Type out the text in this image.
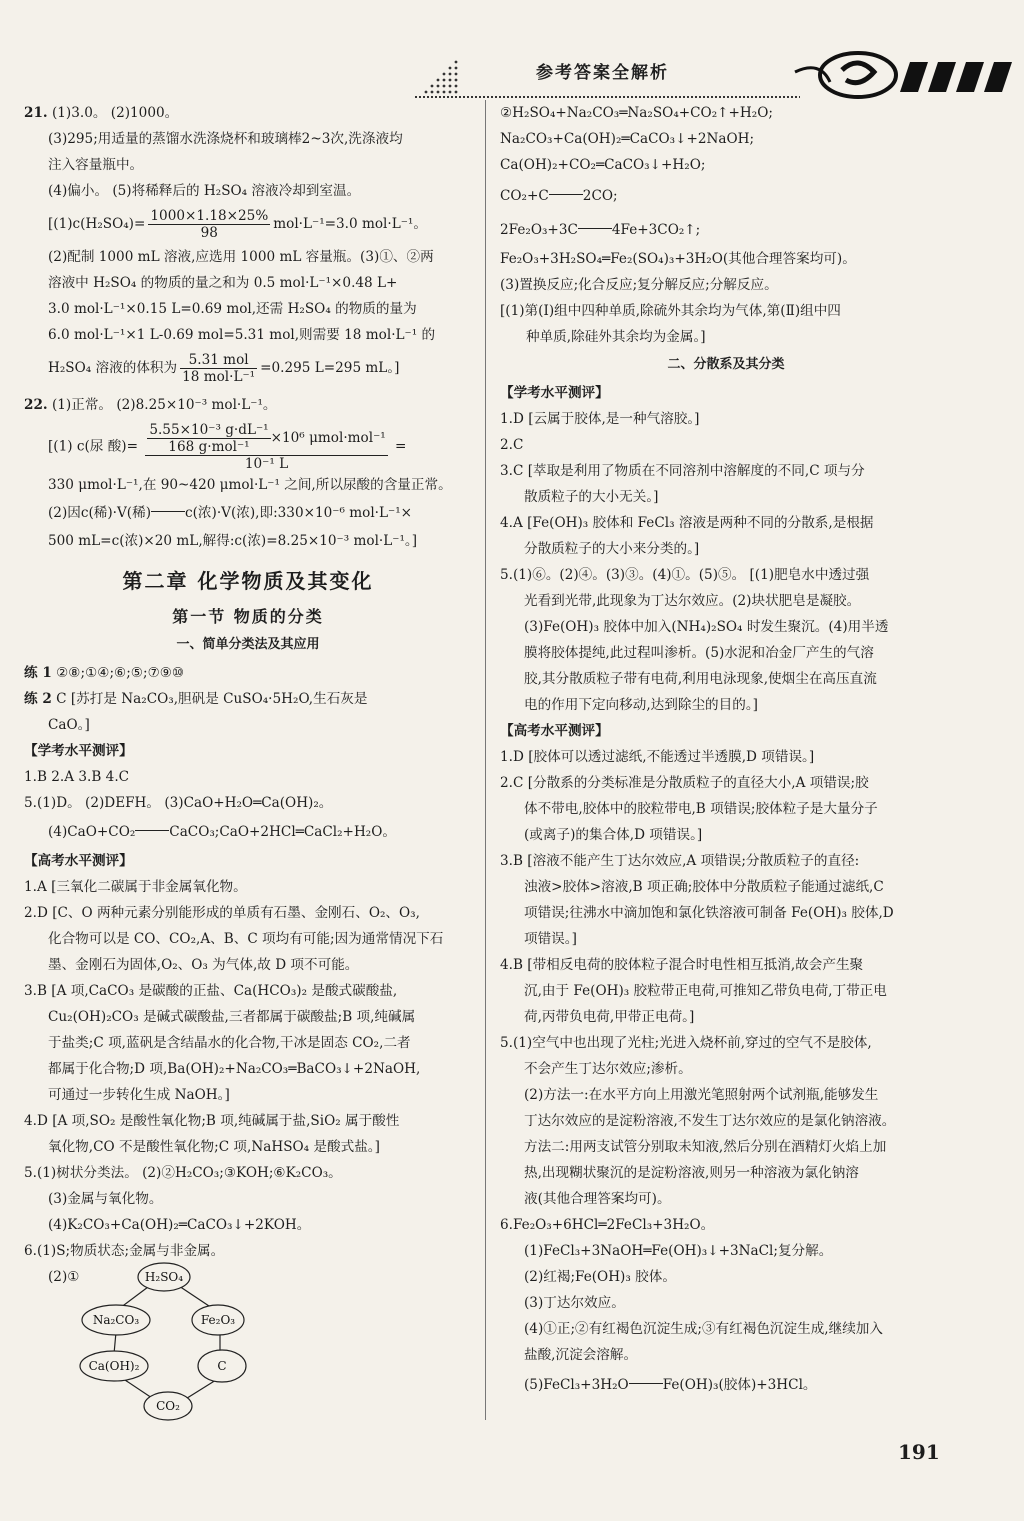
参考答案全解析
21. (1)3.0。 (2)1000。
(3)295;用适量的蒸馏水洗涤烧杯和玻璃棒2~3次,洗涤液均
注入容量瓶中。
(4)偏小。 (5)将稀释后的 H₂SO₄ 溶液冷却到室温。
[$(1)c(H_2SO_4)= \frac{1000\times 1.18\times 25\%}{98} mol\cdot L^{-1}=3.0$ mol·L⁻¹。
(2)配制 1000 mL 溶液,应选用 1000 mL 容量瓶。(3)①、②两
溶液中 H₂SO₄ 的物质的量之和为 0.5 mol·L⁻¹×0.48 L+
3.0 mol·L⁻¹×0.15 L=0.69 mol,还需 H₂SO₄ 的物质的量为
6.0 mol·L⁻¹×1 L-0.69 mol=5.31 mol,则需要 18 mol·L⁻¹ 的
H₂SO₄ 溶液的体积为 $\frac{\text{5.31 mol}}{\text{18 mol·L⁻¹}} =0.295$ L=295 mL。]
22. (1)正常。 (2)8.25×10⁻³ mol·L⁻¹。
[(1) c(尿 酸)= $\frac{\frac{\text{5.55×10⁻³ g·dL⁻¹}}{\text{168 g·mol⁻¹}} \times 10^6 \mu mol\cdot mol^{-1}}{\text{10⁻¹ L}}$ =
330 μmol·L⁻¹,在 90~420 μmol·L⁻¹ 之间,所以尿酸的含量正常。
(2)因c(稀)·V(稀)	c(浓)·V(浓),即:330×10⁻⁶ mol·L⁻¹×
500 mL=c(浓)×20 mL,解得:c(浓)=8.25×10⁻³ mol·L⁻¹。]
第二章 化学物质及其变化
第一节 物质的分类
一、简单分类法及其应用
练 1 ②⑧;①④;⑥;⑤;⑦⑨⑩
练 2 C [苏打是 Na₂CO₃,胆矾是 CuSO₄·5H₂O,生石灰是
CaO。]
【学考水平测评】
1.B 2.A 3.B 4.C
5.(1)D。 (2)DEFH。 (3)CaO+H₂O═Ca(OH)₂。
(4)CaO+CO₂	CaCO₃;CaO+2HCl═CaCl₂+H₂O。
【高考水平测评】
1.A [三氧化二碳属于非金属氧化物。
2.D [C、O 两种元素分别能形成的单质有石墨、金刚石、O₂、O₃,
化合物可以是 CO、CO₂,A、B、C 项均有可能;因为通常情况下石
墨、金刚石为固体,O₂、O₃ 为气体,故 D 项不可能。
3.B [A 项,CaCO₃ 是碳酸的正盐、Ca(HCO₃)₂ 是酸式碳酸盐,
Cu₂(OH)₂CO₃ 是碱式碳酸盐,三者都属于碳酸盐;B 项,纯碱属
于盐类;C 项,蓝矾是含结晶水的化合物,干冰是固态 CO₂,二者
都属于化合物;D 项,Ba(OH)₂+Na₂CO₃═BaCO₃↓+2NaOH,
可通过一步转化生成 NaOH。]
4.D [A 项,SO₂ 是酸性氧化物;B 项,纯碱属于盐,SiO₂ 属于酸性
氧化物,CO 不是酸性氧化物;C 项,NaHSO₄ 是酸式盐。]
5.(1)树状分类法。 (2)②H₂CO₃;③KOH;⑥K₂CO₃。
(3)金属与氧化物。
(4)K₂CO₃+Ca(OH)₂═CaCO₃↓+2KOH。
6.(1)S;物质状态;金属与非金属。
(2)①	H₂SO₄
Na₂CO₃	Fe₂O₃
Ca(OH)₂	C
CO₂
②H₂SO₄+Na₂CO₃═Na₂SO₄+CO₂↑+H₂O;
Na₂CO₃+Ca(OH)₂═CaCO₃↓+2NaOH;
Ca(OH)₂+CO₂═CaCO₃↓+H₂O;
CO₂+C	2CO;
2Fe₂O₃+3C	4Fe+3CO₂↑;
Fe₂O₃+3H₂SO₄═Fe₂(SO₄)₃+3H₂O(其他合理答案均可)。
(3)置换反应;化合反应;复分解反应;分解反应。
[(1)第(Ⅰ)组中四种单质,除硫外其余均为气体,第(Ⅱ)组中四
种单质,除硅外其余均为金属。]
二、分散系及其分类
【学考水平测评】
1.D [云属于胶体,是一种气溶胶。]
2.C
3.C [萃取是利用了物质在不同溶剂中溶解度的不同,C 项与分
散质粒子的大小无关。]
4.A [Fe(OH)₃ 胶体和 FeCl₃ 溶液是两种不同的分散系,是根据
分散质粒子的大小来分类的。]
5.(1)⑥。(2)④。(3)③。(4)①。(5)⑤。 [(1)肥皂水中透过强
光看到光带,此现象为丁达尔效应。(2)块状肥皂是凝胶。
(3)Fe(OH)₃ 胶体中加入(NH₄)₂SO₄ 时发生聚沉。(4)用半透
膜将胶体提纯,此过程叫渗析。(5)水泥和冶金厂产生的气溶
胶,其分散质粒子带有电荷,利用电泳现象,使烟尘在高压直流
电的作用下定向移动,达到除尘的目的。]
【高考水平测评】
1.D [胶体可以透过滤纸,不能透过半透膜,D 项错误。]
2.C [分散系的分类标准是分散质粒子的直径大小,A 项错误;胶
体不带电,胶体中的胶粒带电,B 项错误;胶体粒子是大量分子
(或离子)的集合体,D 项错误。]
3.B [溶液不能产生丁达尔效应,A 项错误;分散质粒子的直径:
浊液>胶体>溶液,B 项正确;胶体中分散质粒子能通过滤纸,C
项错误;往沸水中滴加饱和氯化铁溶液可制备 Fe(OH)₃ 胶体,D
项错误。]
4.B [带相反电荷的胶体粒子混合时电性相互抵消,故会产生聚
沉,由于 Fe(OH)₃ 胶粒带正电荷,可推知乙带负电荷,丁带正电
荷,丙带负电荷,甲带正电荷。]
5.(1)空气中也出现了光柱;光进入烧杯前,穿过的空气不是胶体,
不会产生丁达尔效应;渗析。
(2)方法一:在水平方向上用激光笔照射两个试剂瓶,能够发生
丁达尔效应的是淀粉溶液,不发生丁达尔效应的是氯化钠溶液。
方法二:用两支试管分别取未知液,然后分别在酒精灯火焰上加
热,出现糊状聚沉的是淀粉溶液,则另一种溶液为氯化钠溶
液(其他合理答案均可)。
6.Fe₂O₃+6HCl═2FeCl₃+3H₂O。
(1)FeCl₃+3NaOH═Fe(OH)₃↓+3NaCl;复分解。
(2)红褐;Fe(OH)₃ 胶体。
(3)丁达尔效应。
(4)①正;②有红褐色沉淀生成;③有红褐色沉淀生成,继续加入
盐酸,沉淀会溶解。
(5)FeCl₃+3H₂O	Fe(OH)₃(胶体)+3HCl。
191
